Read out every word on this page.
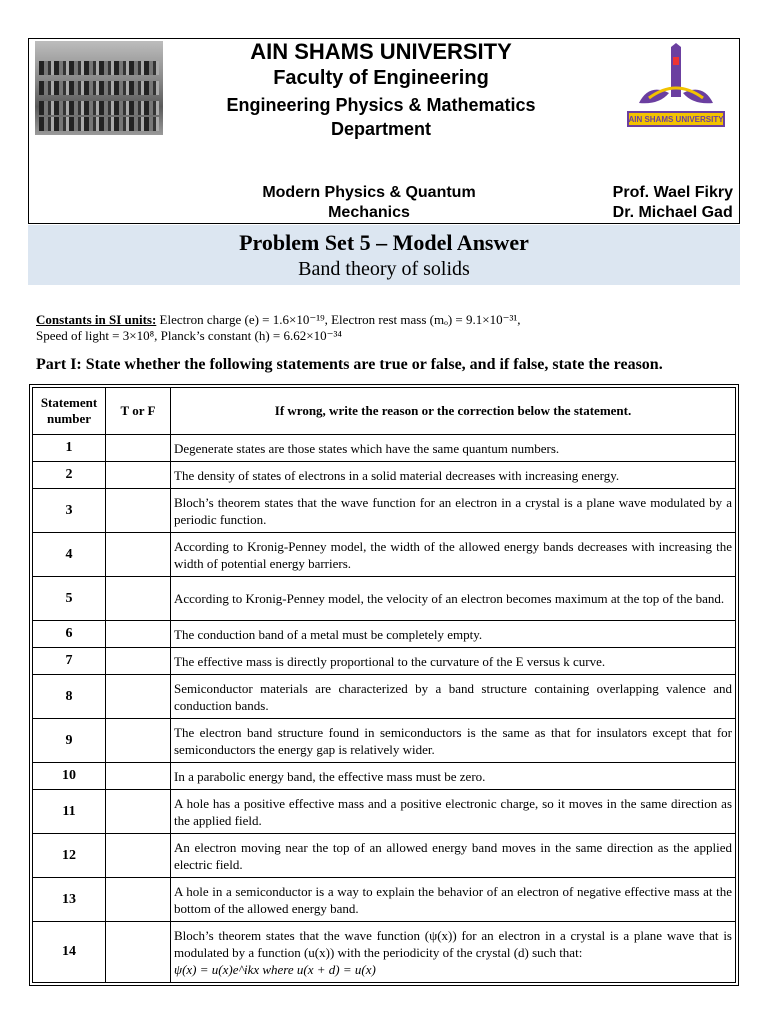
AIN SHAMS UNIVERSITY
Faculty of Engineering
Engineering Physics & Mathematics
Department	AIN SHAMS UNIVERSITY
Modern Physics & Quantum
Mechanics
Prof. Wael Fikry
Dr. Michael Gad
Problem Set 5 – Model Answer
Band theory of solids
Constants in SI units: Electron charge (e) = 1.6×10⁻¹⁹, Electron rest mass (mₒ) = 9.1×10⁻³¹,
Speed of light = 3×10⁸, Planck’s constant (h) = 6.62×10⁻³⁴
Part I: State whether the following statements are true or false, and if false, state the reason.
Statement number	T or F	If wrong, write the reason or the correction below the statement.
1		Degenerate states are those states which have the same quantum numbers.
2		The density of states of electrons in a solid material decreases with increasing energy.
3		Bloch’s theorem states that the wave function for an electron in a crystal is a plane wave modulated by a periodic function.
4		According to Kronig-Penney model, the width of the allowed energy bands decreases with increasing the width of potential energy barriers.
5		According to Kronig-Penney model, the velocity of an electron becomes maximum at the top of the band.
6		The conduction band of a metal must be completely empty.
7		The effective mass is directly proportional to the curvature of the E versus k curve.
8		Semiconductor materials are characterized by a band structure containing overlapping valence and conduction bands.
9		The electron band structure found in semiconductors is the same as that for insulators except that for semiconductors the energy gap is relatively wider.
10		In a parabolic energy band, the effective mass must be zero.
11		A hole has a positive effective mass and a positive electronic charge, so it moves in the same direction as the applied field.
12		An electron moving near the top of an allowed energy band moves in the same direction as the applied electric field.
13		A hole in a semiconductor is a way to explain the behavior of an electron of negative effective mass at the bottom of the allowed energy band.
14		Bloch’s theorem states that the wave function (ψ(x)) for an electron in a crystal is a plane wave that is modulated by a function (u(x)) with the periodicity of the crystal (d) such that:
ψ(x) = u(x)e^ikx where u(x + d) = u(x)
